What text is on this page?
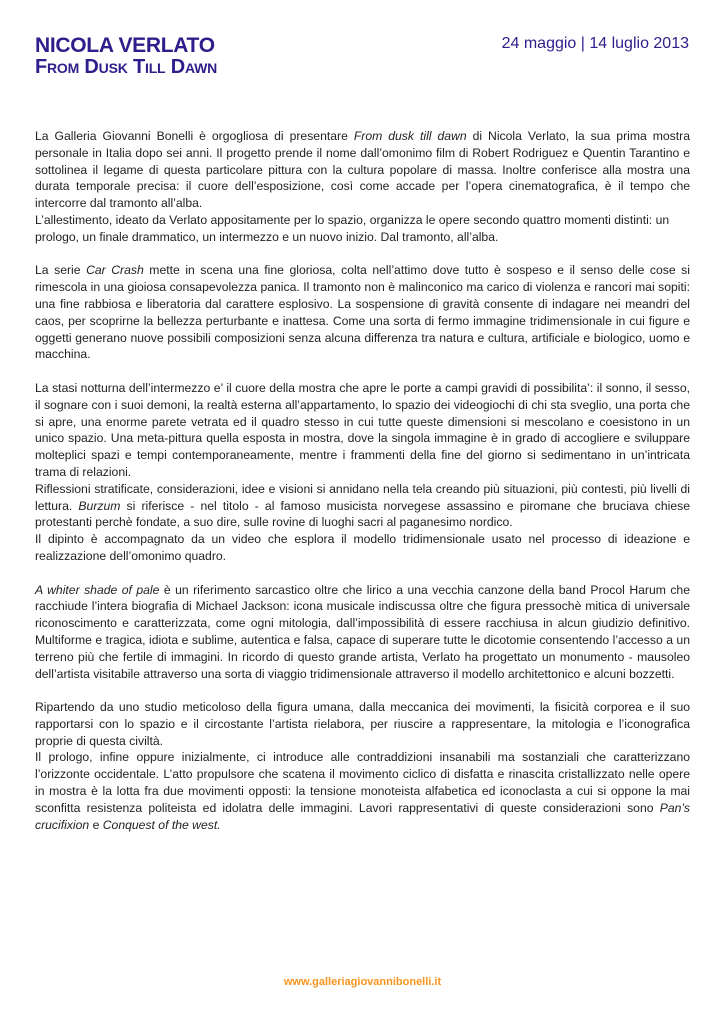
NICOLA VERLATO
From Dusk Till Dawn
24 maggio | 14 luglio 2013

La Galleria Giovanni Bonelli è orgogliosa di presentare From dusk till dawn di Nicola Verlato, la sua prima mostra personale in Italia dopo sei anni. Il progetto prende il nome dall’omonimo film di Robert Rodriguez e Quentin Tarantino e sottolinea il legame di questa particolare pittura con la cultura popolare di massa. Inoltre conferisce alla mostra una durata temporale precisa: il cuore dell’esposizione, così come accade per l’opera cinematografica, è il tempo che intercorre dal tramonto all’alba.

L’allestimento, ideato da Verlato appositamente per lo spazio, organizza le opere secondo quattro momenti distinti: un prologo, un finale drammatico, un intermezzo e un nuovo inizio. Dal tramonto, all’alba.

La serie Car Crash mette in scena una fine gloriosa, colta nell’attimo dove tutto è sospeso e il senso delle cose si rimescola in una gioiosa consapevolezza panica. Il tramonto non è malinconico ma carico di violenza e rancori mai sopiti: una fine rabbiosa e liberatoria dal carattere esplosivo. La sospensione di gravità consente di indagare nei meandri del caos, per scoprirne la bellezza perturbante e inattesa. Come una sorta di fermo immagine tridimensionale in cui figure e oggetti generano nuove possibili composizioni senza alcuna differenza tra natura e cultura, artificiale e biologico, uomo e macchina.

La stasi notturna dell’intermezzo e’ il cuore della mostra che apre le porte a campi gravidi di possibilita’: il sonno, il sesso, il sognare con i suoi demoni, la realtà esterna all’appartamento, lo spazio dei videogiochi di chi sta sveglio, una porta che si apre, una enorme parete vetrata ed il quadro stesso in cui tutte queste dimensioni si mescolano e coesistono in un unico spazio. Una meta-pittura quella esposta in mostra, dove la singola immagine è in grado di accogliere e sviluppare molteplici spazi e tempi contemporaneamente, mentre i frammenti della fine del giorno si sedimentano in un’intricata trama di relazioni.

Riflessioni stratificate, considerazioni, idee e visioni si annidano nella tela creando più situazioni, più contesti, più livelli di lettura. Burzum si riferisce - nel titolo - al famoso musicista norvegese assassino e piromane che bruciava chiese protestanti perchè fondate, a suo dire, sulle rovine di luoghi sacri al paganesimo nordico.

Il dipinto è accompagnato da un video che esplora il modello tridimensionale usato nel processo di ideazione e realizzazione dell’omonimo quadro.

A whiter shade of pale è un riferimento sarcastico oltre che lirico a una vecchia canzone della band Procol Harum che racchiude l’intera biografia di Michael Jackson: icona musicale indiscussa oltre che figura pressochè mitica di universale riconoscimento e caratterizzata, come ogni mitologia, dall’impossibilità di essere racchiusa in alcun giudizio definitivo. Multiforme e tragica, idiota e sublime, autentica e falsa, capace di superare tutte le dicotomie consentendo l’accesso a un terreno più che fertile di immagini. In ricordo di questo grande artista, Verlato ha progettato un monumento - mausoleo dell’artista visitabile attraverso una sorta di viaggio tridimensionale attraverso il modello architettonico e alcuni bozzetti.

Ripartendo da uno studio meticoloso della figura umana, dalla meccanica dei movimenti, la fisicità corporea e il suo rapportarsi con lo spazio e il circostante l’artista rielabora, per riuscire a rappresentare, la mitologia e l’iconografica proprie di questa civiltà.

Il prologo, infine oppure inizialmente, ci introduce alle contraddizioni insanabili ma sostanziali che caratterizzano l’orizzonte occidentale. L’atto propulsore che scatena il movimento ciclico di disfatta e rinascita cristallizzato nelle opere in mostra è la lotta fra due movimenti opposti: la tensione monoteista alfabetica ed iconoclasta a cui si oppone la mai sconfitta resistenza politeista ed idolatra delle immagini. Lavori rappresentativi di queste considerazioni sono Pan’s crucifixion e Conquest of the west.

www.galleriagiovannibonelli.it
